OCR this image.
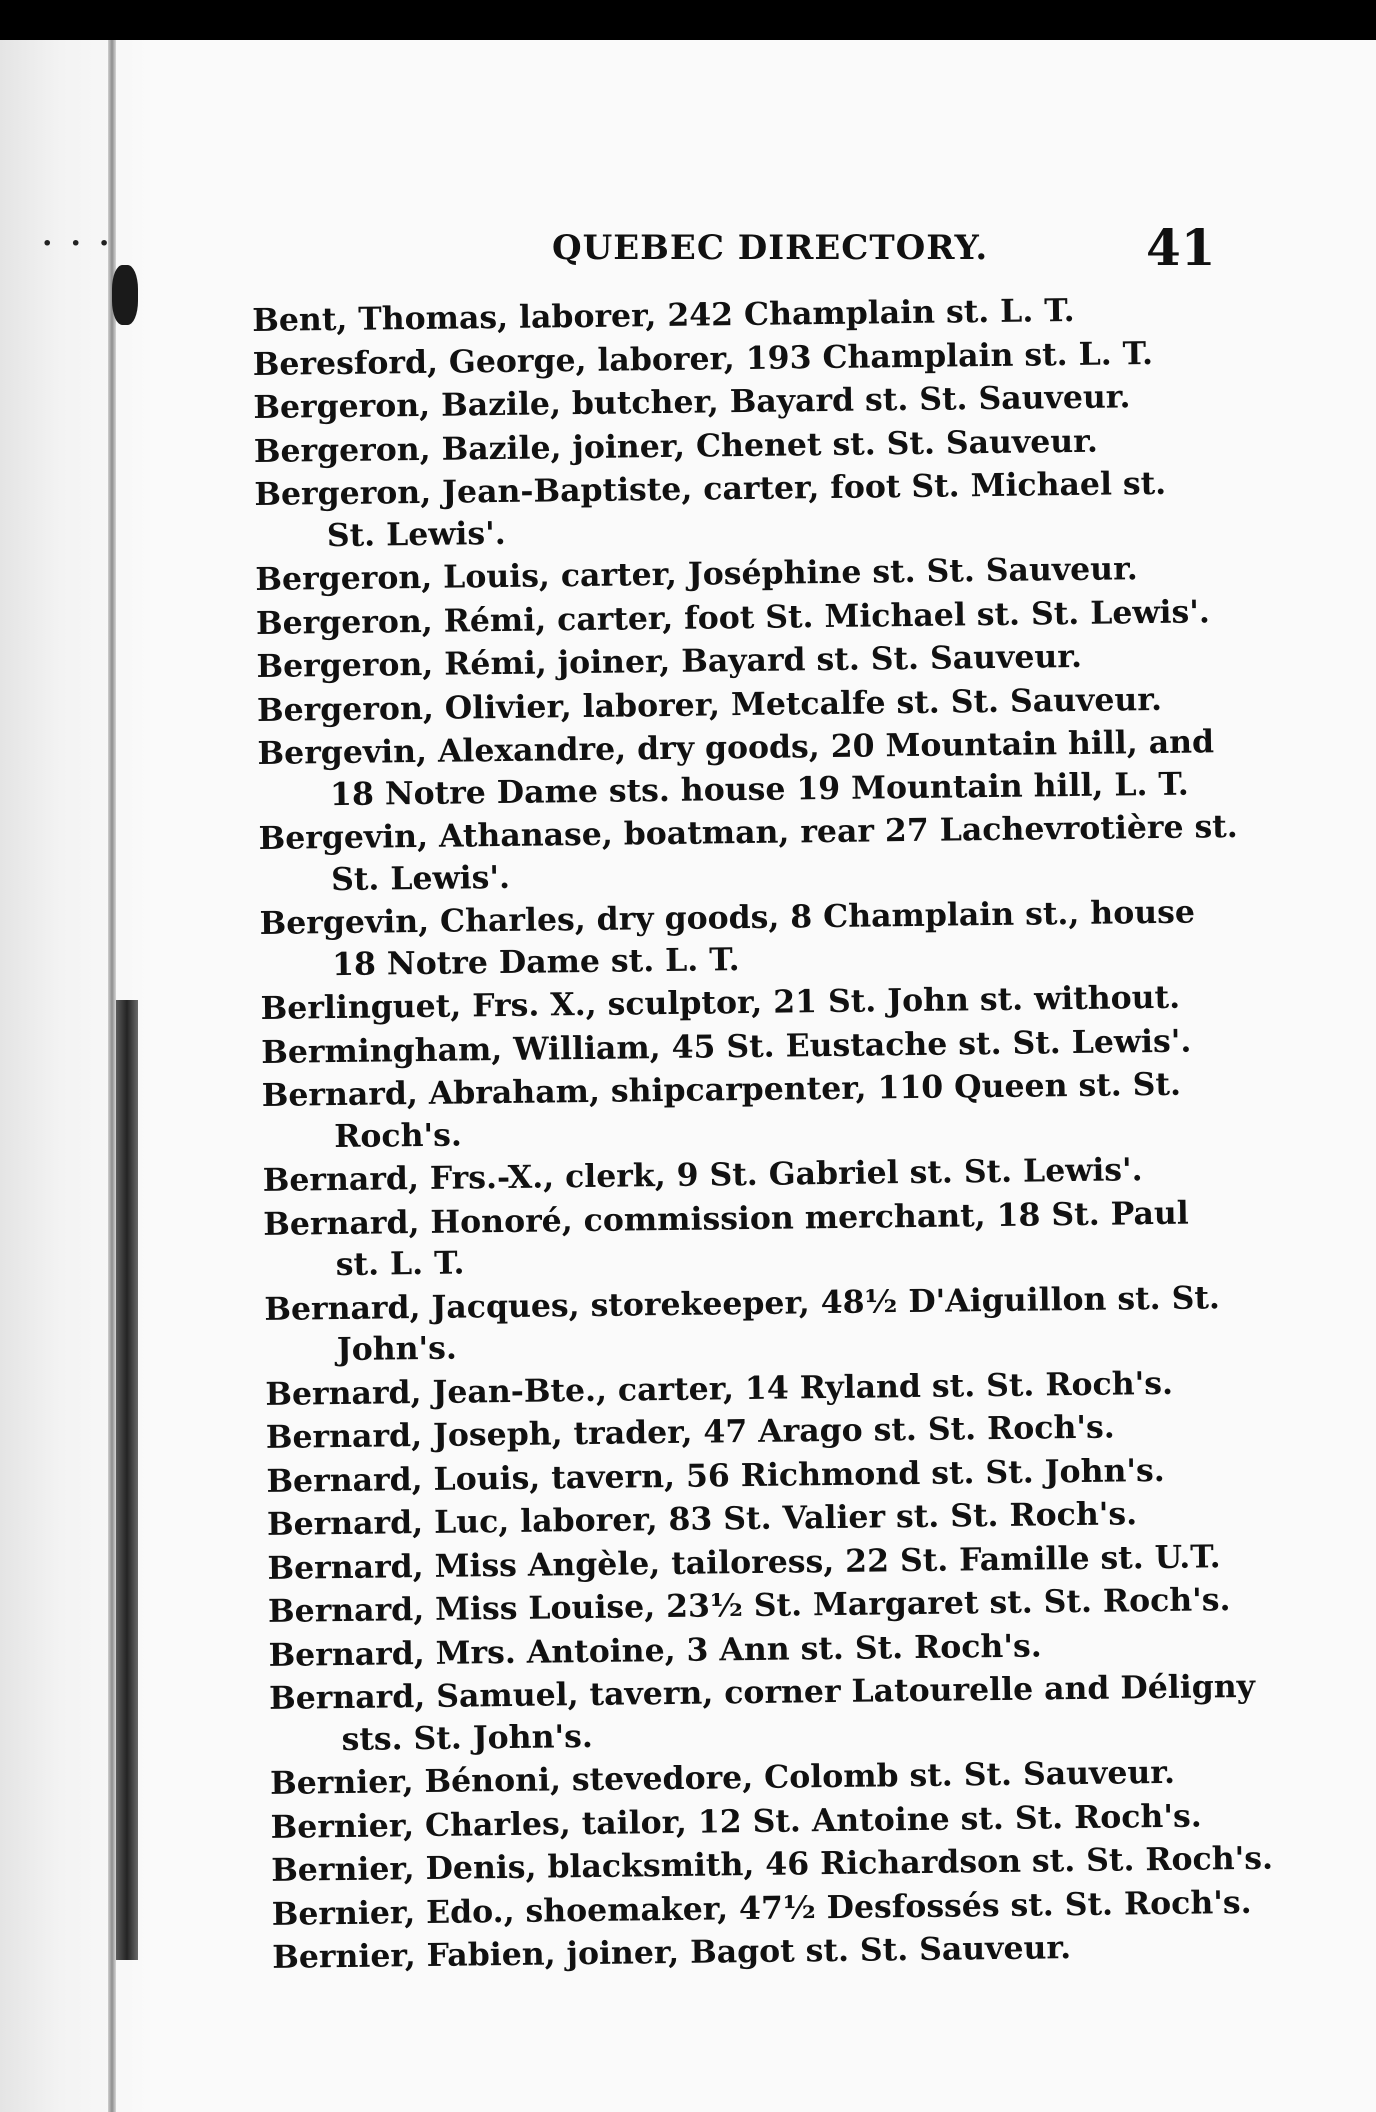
···	QUEBEC DIRECTORY.	41
Bent, Thomas, laborer, 242 Champlain st. L. T.
Beresford, George, laborer, 193 Champlain st. L. T.
Bergeron, Bazile, butcher, Bayard st. St. Sauveur.
Bergeron, Bazile, joiner, Chenet st. St. Sauveur.
Bergeron, Jean-Baptiste, carter, foot St. Michael st.
St. Lewis'.
Bergeron, Louis, carter, Joséphine st. St. Sauveur.
Bergeron, Rémi, carter, foot St. Michael st. St. Lewis'.
Bergeron, Rémi, joiner, Bayard st. St. Sauveur.
Bergeron, Olivier, laborer, Metcalfe st. St. Sauveur.
Bergevin, Alexandre, dry goods, 20 Mountain hill, and
18 Notre Dame sts. house 19 Mountain hill, L. T.
Bergevin, Athanase, boatman, rear 27 Lachevrotière st.
St. Lewis'.
Bergevin, Charles, dry goods, 8 Champlain st., house
18 Notre Dame st. L. T.
Berlinguet, Frs. X., sculptor, 21 St. John st. without.
Bermingham, William, 45 St. Eustache st. St. Lewis'.
Bernard, Abraham, shipcarpenter, 110 Queen st. St.
Roch's.
Bernard, Frs.-X., clerk, 9 St. Gabriel st. St. Lewis'.
Bernard, Honoré, commission merchant, 18 St. Paul
st. L. T.
Bernard, Jacques, storekeeper, 48½ D'Aiguillon st. St.
John's.
Bernard, Jean-Bte., carter, 14 Ryland st. St. Roch's.
Bernard, Joseph, trader, 47 Arago st. St. Roch's.
Bernard, Louis, tavern, 56 Richmond st. St. John's.
Bernard, Luc, laborer, 83 St. Valier st. St. Roch's.
Bernard, Miss Angèle, tailoress, 22 St. Famille st. U.T.
Bernard, Miss Louise, 23½ St. Margaret st. St. Roch's.
Bernard, Mrs. Antoine, 3 Ann st. St. Roch's.
Bernard, Samuel, tavern, corner Latourelle and Déligny
sts. St. John's.
Bernier, Bénoni, stevedore, Colomb st. St. Sauveur.
Bernier, Charles, tailor, 12 St. Antoine st. St. Roch's.
Bernier, Denis, blacksmith, 46 Richardson st. St. Roch's.
Bernier, Edo., shoemaker, 47½ Desfossés st. St. Roch's.
Bernier, Fabien, joiner, Bagot st. St. Sauveur.
